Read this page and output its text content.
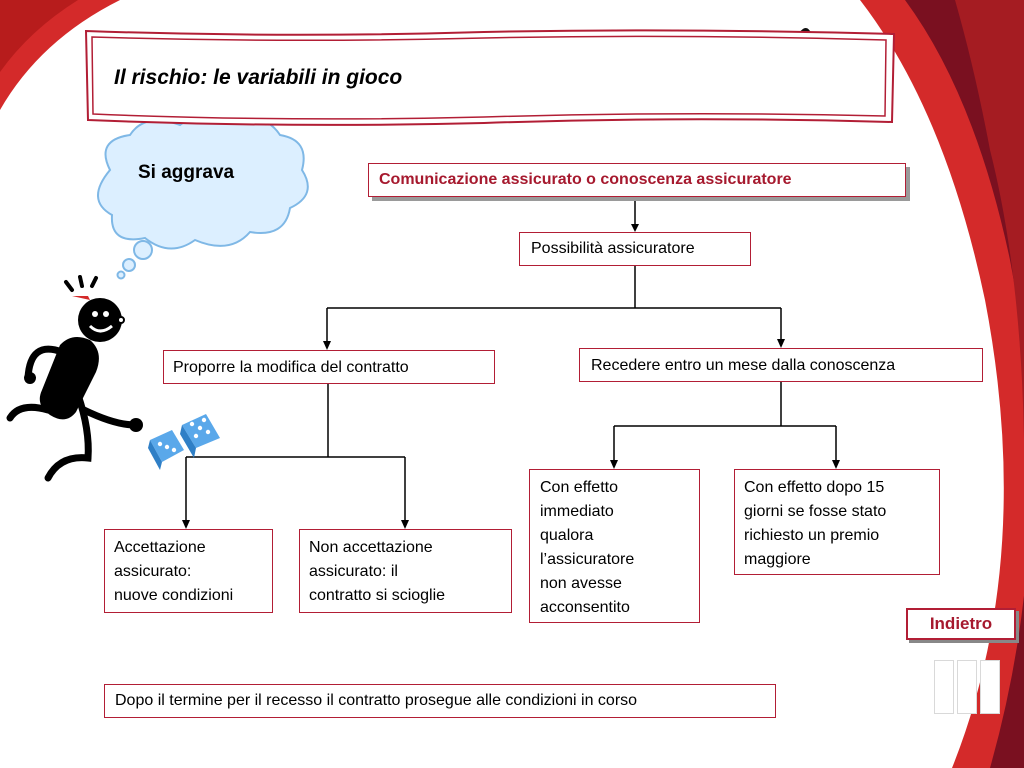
Il rischio: le variabili in gioco
Si aggrava	Comunicazione assicurato o conoscenza assicuratore
Possibilità assicuratore
Proporre la modifica del contratto	Recedere entro un mese dalla conoscenza
Accettazione
assicurato:
nuove condizioni
Non accettazione
assicurato: il
contratto si scioglie
Con effetto
immediato
qualora
l’assicuratore
non avesse
acconsentito
Con effetto dopo 15
giorni se fosse stato
richiesto un premio
maggiore
Dopo il termine per il recesso il contratto prosegue alle condizioni in corso
Indietro
